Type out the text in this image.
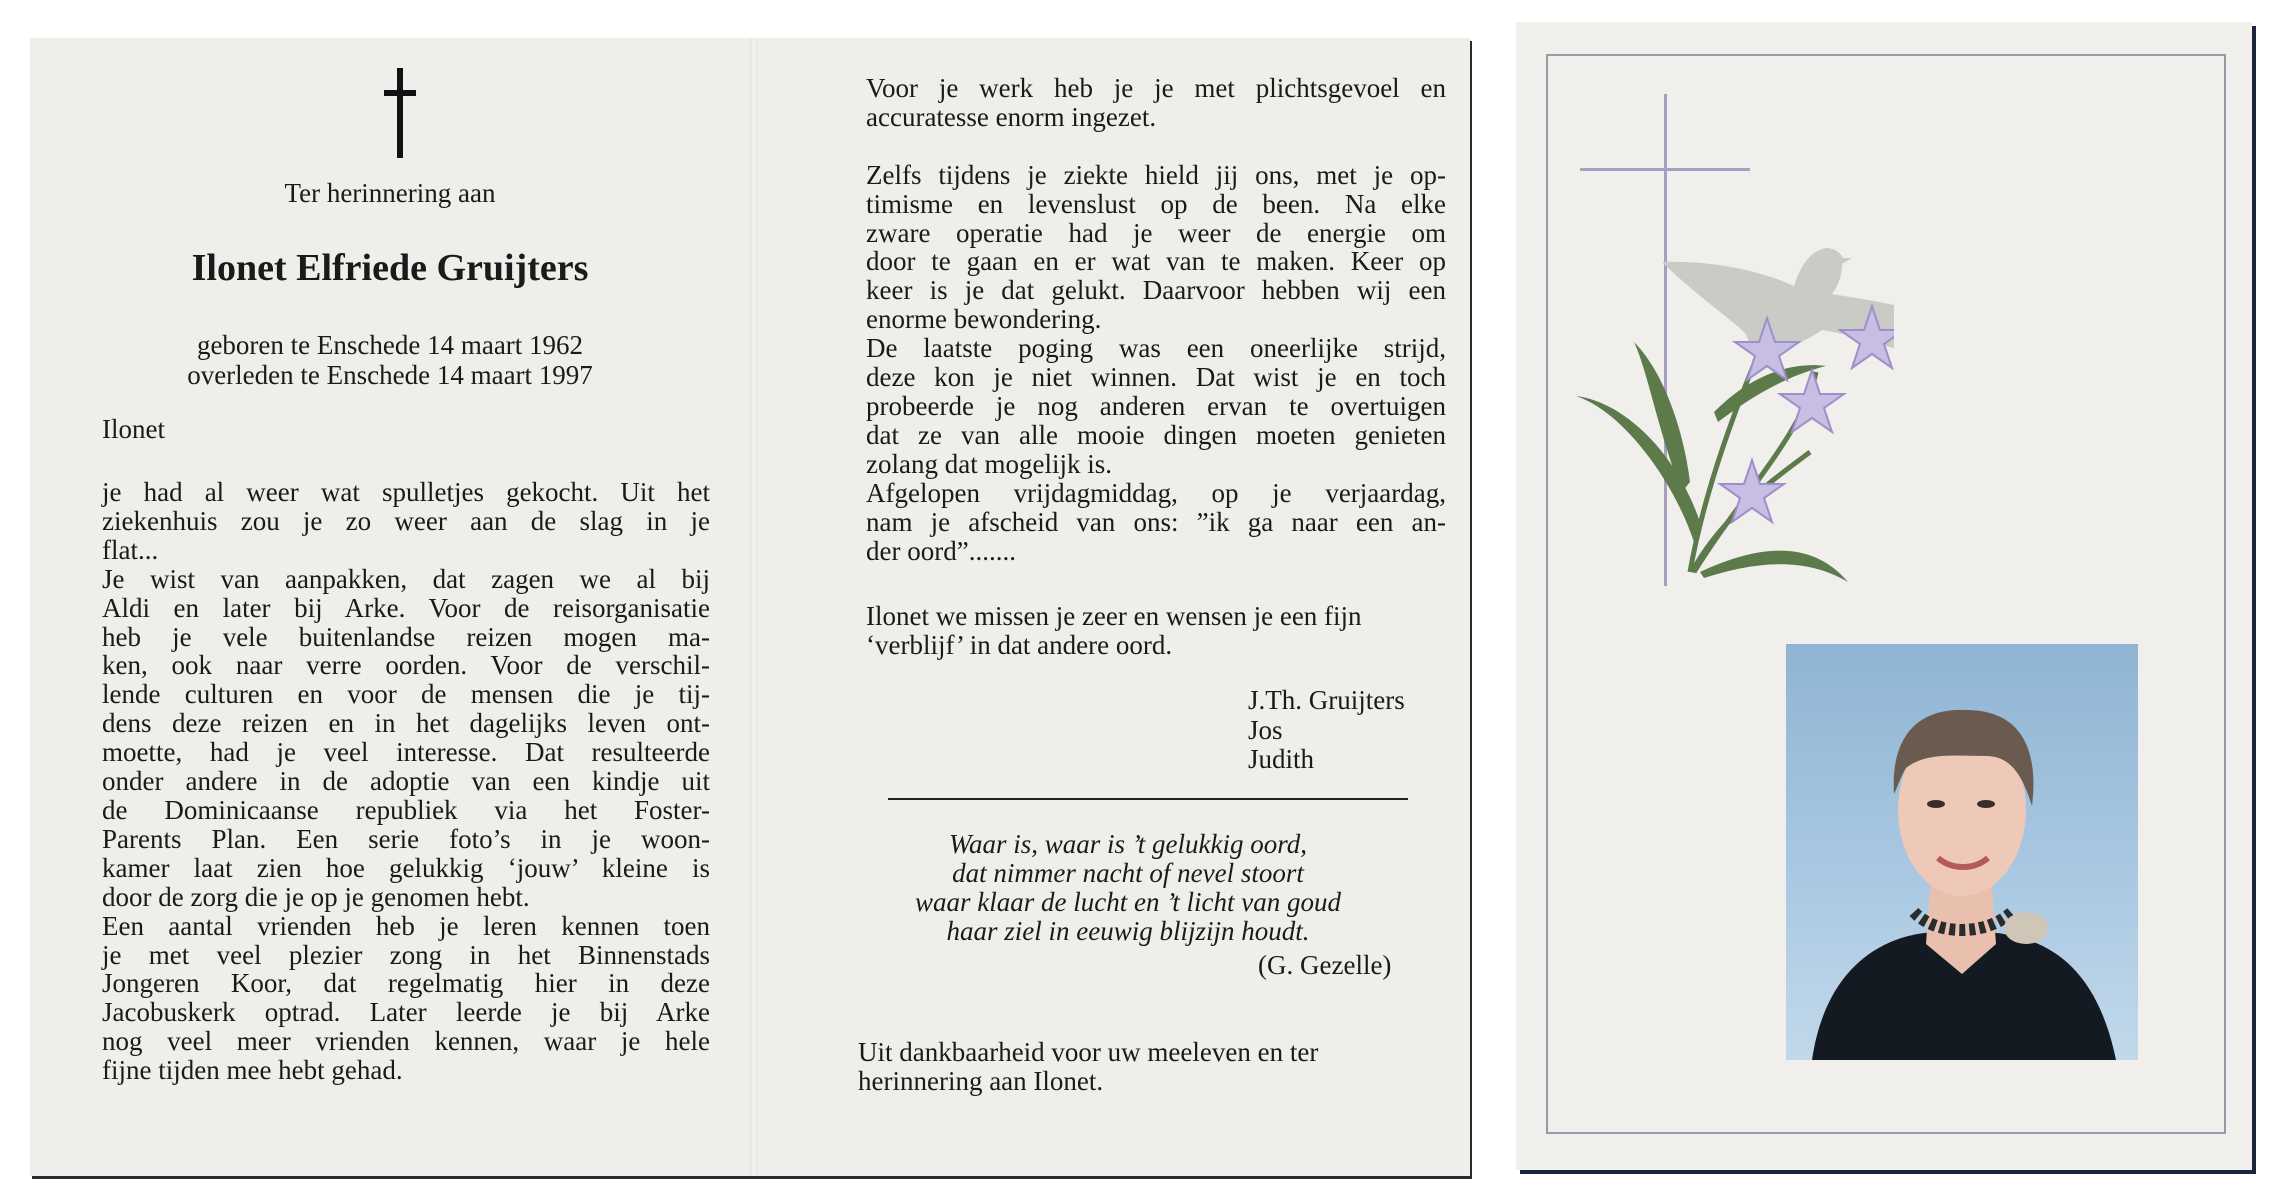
Ter herinnering aan
Ilonet Elfriede Gruijters
geboren te Enschede 14 maart 1962
overleden te Enschede 14 maart 1997
Ilonet
je had al weer wat spulletjes gekocht. Uit het
ziekenhuis zou je zo weer aan de slag in je
flat...
Je wist van aanpakken, dat zagen we al bij
Aldi en later bij Arke. Voor de reisorganisatie
heb je vele buitenlandse reizen mogen ma-
ken, ook naar verre oorden. Voor de verschil-
lende culturen en voor de mensen die je tij-
dens deze reizen en in het dagelijks leven ont-
moette, had je veel interesse. Dat resulteerde
onder andere in de adoptie van een kindje uit
de Dominicaanse republiek via het Foster-
Parents Plan. Een serie foto’s in je woon-
kamer laat zien hoe gelukkig ‘jouw’ kleine is
door de zorg die je op je genomen hebt.
Een aantal vrienden heb je leren kennen toen
je met veel plezier zong in het Binnenstads
Jongeren Koor, dat regelmatig hier in deze
Jacobuskerk optrad. Later leerde je bij Arke
nog veel meer vrienden kennen, waar je hele
fijne tijden mee hebt gehad.
Voor je werk heb je je met plichtsgevoel en
accuratesse enorm ingezet.

Zelfs tijdens je ziekte hield jij ons, met je op-
timisme en levenslust op de been. Na elke
zware operatie had je weer de energie om
door te gaan en er wat van te maken. Keer op
keer is je dat gelukt. Daarvoor hebben wij een
enorme bewondering.
De laatste poging was een oneerlijke strijd,
deze kon je niet winnen. Dat wist je en toch
probeerde je nog anderen ervan te overtuigen
dat ze van alle mooie dingen moeten genieten
zolang dat mogelijk is.
Afgelopen vrijdagmiddag, op je verjaardag,
nam je afscheid van ons: ”ik ga naar een an-
der oord”.......
Ilonet we missen je zeer en wensen je een fijn
‘verblijf’ in dat andere oord.
J.Th. Gruijters
Jos
Judith
Waar is, waar is ’t gelukkig oord,
dat nimmer nacht of nevel stoort
waar klaar de lucht en ’t licht van goud
haar ziel in eeuwig blijzijn houdt.
(G. Gezelle)
Uit dankbaarheid voor uw meeleven en ter
herinnering aan Ilonet.
